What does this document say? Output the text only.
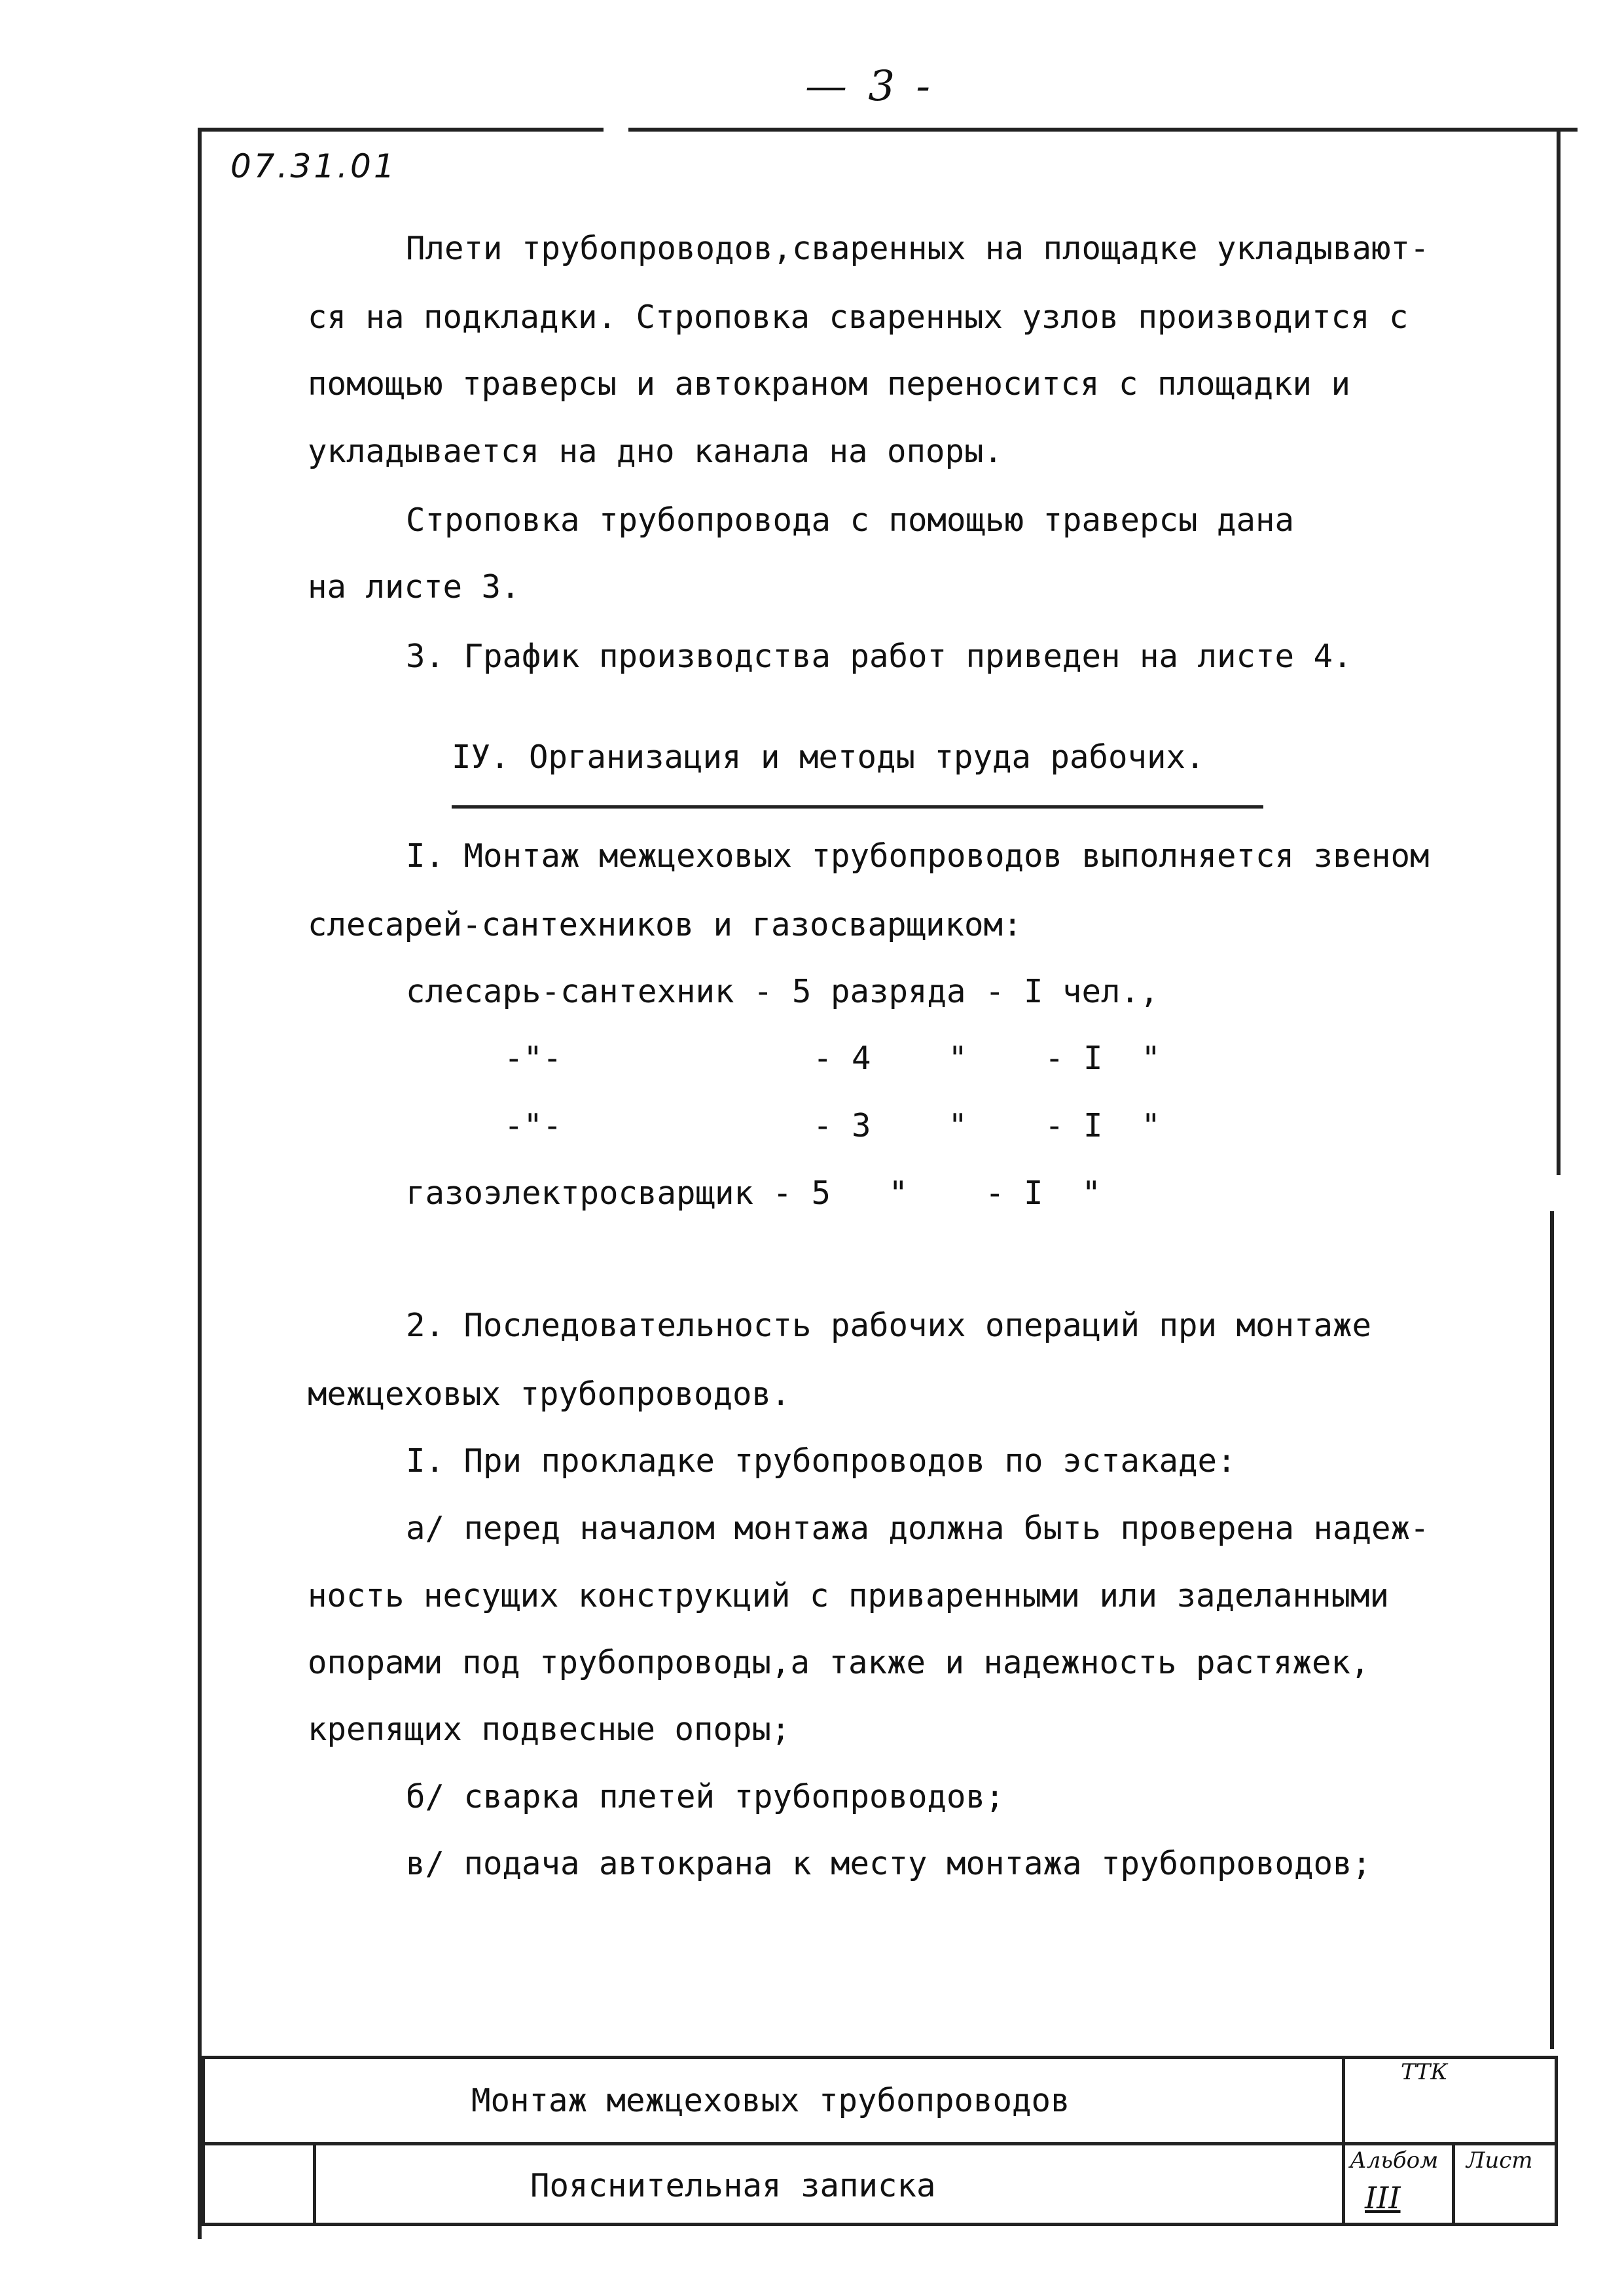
— 3 -
07.31.01
Плети трубопроводов,сваренных на площадке укладывают-
ся на подкладки. Строповка сваренных узлов производится с
помощью траверсы и автокраном переносится с площадки и
укладывается на дно канала на опоры.
Строповка трубопровода с помощью траверсы дана
на листе 3.
3. График производства работ приведен на листе 4.
IУ. Организация и методы труда рабочих.
I. Монтаж межцеховых трубопроводов выполняется звеном
слесарей-сантехников и газосварщиком:
слесарь-сантехник - 5 разряда - I чел.,
-"-             - 4    "    - I  "
-"-             - 3    "    - I  "
газоэлектросварщик - 5   "    - I  "
2. Последовательность рабочих операций при монтаже
межцеховых трубопроводов.
I. При прокладке трубопроводов по эстакаде:
а/ перед началом монтажа должна быть проверена надеж-
ность несущих конструкций с приваренными или заделанными
опорами под трубопроводы,а также и надежность растяжек,
крепящих подвесные опоры;
б/ сварка плетей трубопроводов;
в/ подача автокрана к месту монтажа трубопроводов;
Монтаж межцеховых трубопроводов
Пояснительная записка
ТТК
Альбом Лист
III
